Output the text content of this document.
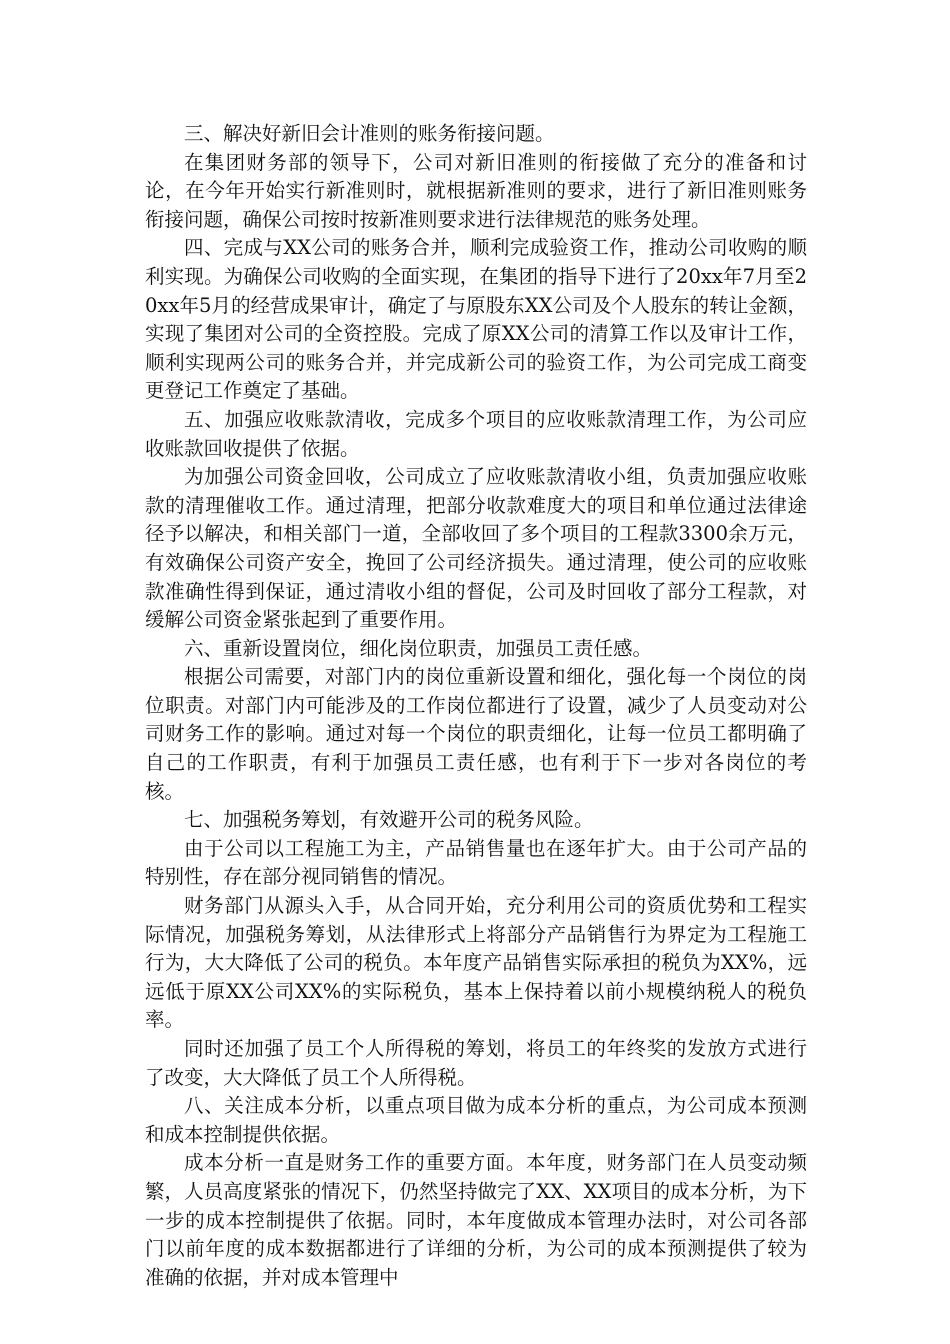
三、解决好新旧会计准则的账务衔接问题。

在集团财务部的领导下，公司对新旧准则的衔接做了充分的准备和讨论，在今年开始实行新准则时，就根据新准则的要求，进行了新旧准则账务衔接问题，确保公司按时按新准则要求进行法律规范的账务处理。

四、完成与XX公司的账务合并，顺利完成验资工作，推动公司收购的顺利实现。为确保公司收购的全面实现，在集团的指导下进行了20xx年7月至20xx年5月的经营成果审计，确定了与原股东XX公司及个人股东的转让金额，实现了集团对公司的全资控股。完成了原XX公司的清算工作以及审计工作，顺利实现两公司的账务合并，并完成新公司的验资工作，为公司完成工商变更登记工作奠定了基础。

五、加强应收账款清收，完成多个项目的应收账款清理工作，为公司应收账款回收提供了依据。

为加强公司资金回收，公司成立了应收账款清收小组，负责加强应收账款的清理催收工作。通过清理，把部分收款难度大的项目和单位通过法律途径予以解决，和相关部门一道，全部收回了多个项目的工程款3300余万元，有效确保公司资产安全，挽回了公司经济损失。通过清理，使公司的应收账款准确性得到保证，通过清收小组的督促，公司及时回收了部分工程款，对缓解公司资金紧张起到了重要作用。

六、重新设置岗位，细化岗位职责，加强员工责任感。

根据公司需要，对部门内的岗位重新设置和细化，强化每一个岗位的岗位职责。对部门内可能涉及的工作岗位都进行了设置，减少了人员变动对公司财务工作的影响。通过对每一个岗位的职责细化，让每一位员工都明确了自己的工作职责，有利于加强员工责任感，也有利于下一步对各岗位的考核。

七、加强税务筹划，有效避开公司的税务风险。

由于公司以工程施工为主，产品销售量也在逐年扩大。由于公司产品的特别性，存在部分视同销售的情况。

财务部门从源头入手，从合同开始，充分利用公司的资质优势和工程实际情况，加强税务筹划，从法律形式上将部分产品销售行为界定为工程施工行为，大大降低了公司的税负。本年度产品销售实际承担的税负为XX%，远远低于原XX公司XX%的实际税负，基本上保持着以前小规模纳税人的税负率。

同时还加强了员工个人所得税的筹划，将员工的年终奖的发放方式进行了改变，大大降低了员工个人所得税。

八、关注成本分析，以重点项目做为成本分析的重点，为公司成本预测和成本控制提供依据。

成本分析一直是财务工作的重要方面。本年度，财务部门在人员变动频繁，人员高度紧张的情况下，仍然坚持做完了XX、XX项目的成本分析，为下一步的成本控制提供了依据。同时，本年度做成本管理办法时，对公司各部门以前年度的成本数据都进行了详细的分析，为公司的成本预测提供了较为准确的依据，并对成本管理中
